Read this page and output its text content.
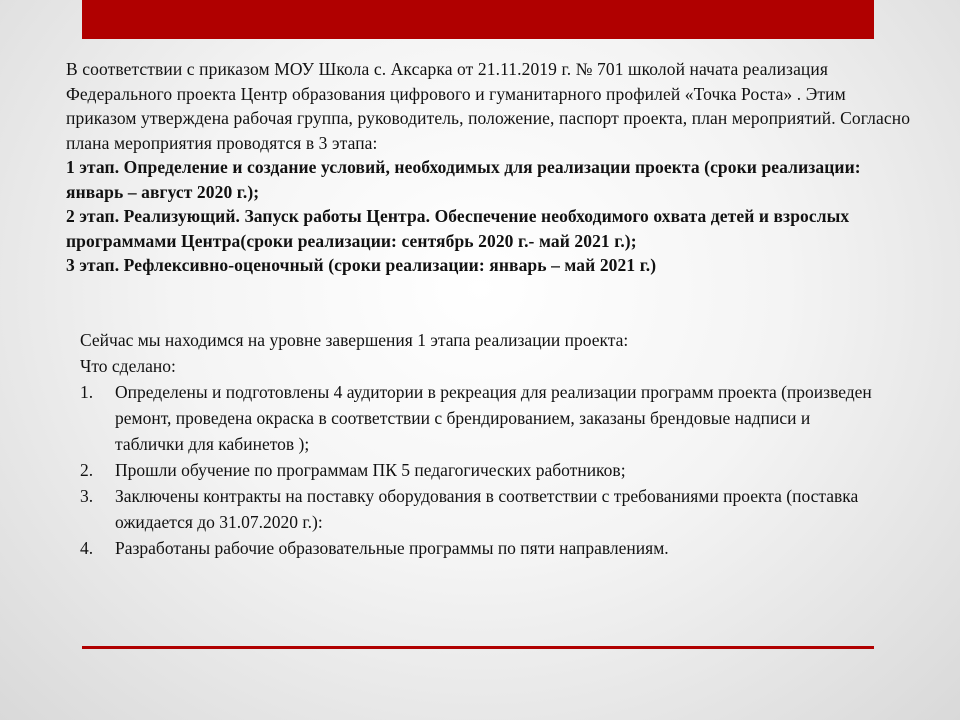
В соответствии с приказом МОУ Школа с. Аксарка от 21.11.2019 г. № 701 школой начата реализация Федерального проекта Центр образования цифрового и гуманитарного профилей «Точка Роста» . Этим приказом утверждена рабочая группа, руководитель, положение, паспорт проекта, план мероприятий. Согласно плана мероприятия проводятся в 3 этапа:

1 этап. Определение и создание условий, необходимых для реализации проекта (сроки реализации: январь – август 2020 г.);

2 этап. Реализующий. Запуск работы Центра. Обеспечение необходимого охвата детей и взрослых программами Центра(сроки реализации: сентябрь 2020 г.- май 2021 г.);

3 этап. Рефлексивно-оценочный (сроки реализации: январь – май 2021 г.)

Сейчас мы находимся на уровне завершения 1 этапа реализации проекта:

Что сделано:

1. Определены и подготовлены 4 аудитории в рекреация для реализации программ проекта (произведен ремонт, проведена окраска в соответствии с брендированием, заказаны брендовые надписи и таблички для кабинетов );
2. Прошли обучение по программам ПК 5 педагогических работников;
3. Заключены контракты на поставку оборудования в соответствии с требованиями проекта (поставка ожидается до 31.07.2020 г.):
4. Разработаны рабочие образовательные программы по пяти направлениям.
